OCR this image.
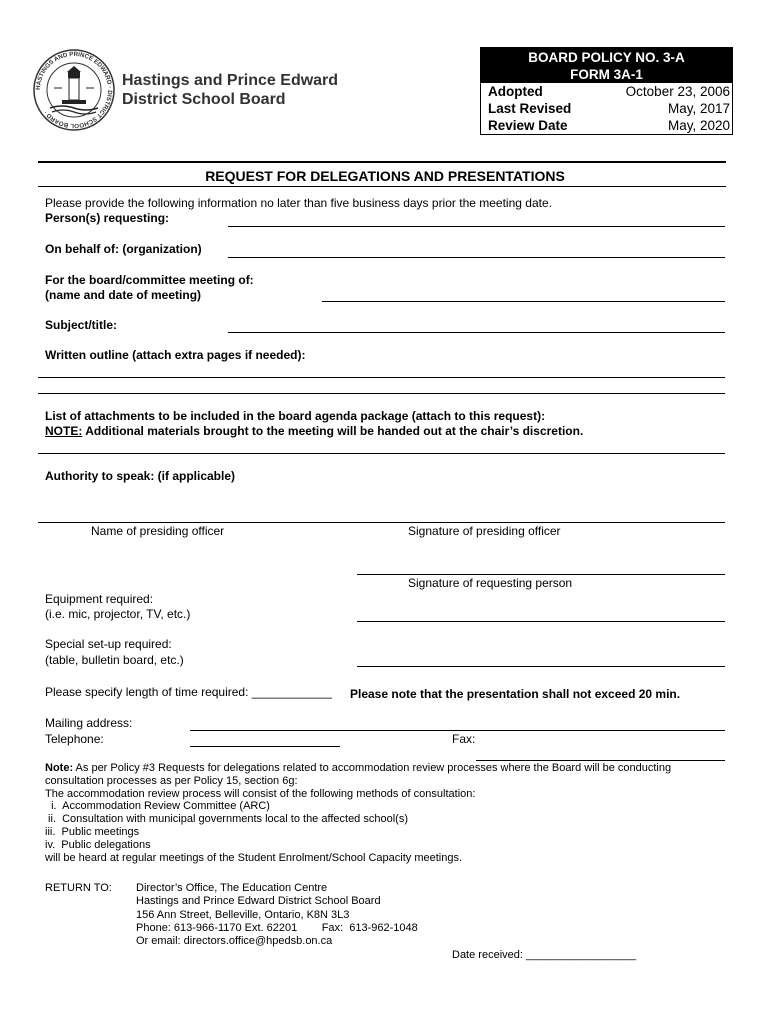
HASTINGS AND PRINCE EDWARD · DISTRICT SCHOOL BOARD ·
Hastings and Prince Edward
District School Board
BOARD POLICY NO. 3-A
FORM 3A-1
Adopted	October 23, 2006
Last Revised	May, 2017
Review Date	May, 2020
REQUEST FOR DELEGATIONS AND PRESENTATIONS
Please provide the following information no later than five business days prior the meeting date.
Person(s) requesting:
On behalf of: (organization)
For the board/committee meeting of:
(name and date of meeting)
Subject/title:
Written outline (attach extra pages if needed):
List of attachments to be included in the board agenda package (attach to this request):
NOTE: Additional materials brought to the meeting will be handed out at the chair’s discretion.
Authority to speak: (if applicable)
Name of presiding officer	Signature of presiding officer
Signature of requesting person
Equipment required:
(i.e. mic, projector, TV, etc.)
Special set-up required:
(table, bulletin board, etc.)
Please specify length of time required: ____________ Please note that the presentation shall not exceed 20 min.
Mailing address:
Telephone:	Fax:
Note: As per Policy #3 Requests for delegations related to accommodation review processes where the Board will be conducting
consultation processes as per Policy 15, section 6g:
The accommodation review process will consist of the following methods of consultation:
i.  Accommodation Review Committee (ARC)
ii.  Consultation with municipal governments local to the affected school(s)
iii.  Public meetings
iv.  Public delegations
will be heard at regular meetings of the Student Enrolment/School Capacity meetings.
RETURN TO: Director’s Office, The Education Centre
Hastings and Prince Edward District School Board
156 Ann Street, Belleville, Ontario, K8N 3L3
Phone: 613-966-1170 Ext. 62201        Fax:  613-962-1048
Or email: directors.office@hpedsb.on.ca
Date received: __________________
